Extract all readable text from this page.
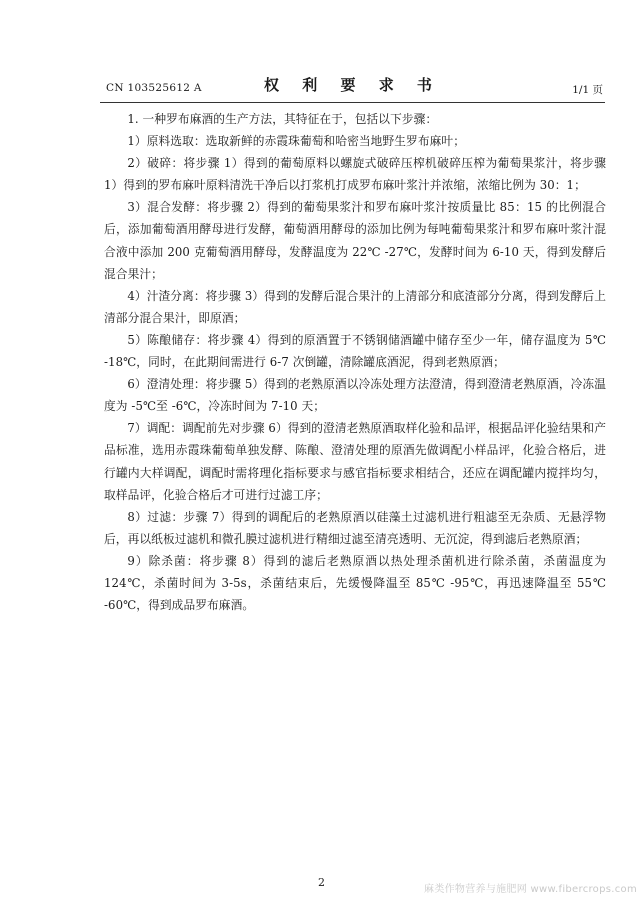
CN 103525612 A	权 利 要 求 书	1/1 页

1. 一种罗布麻酒的生产方法，其特征在于，包括以下步骤：

1）原料选取：选取新鲜的赤霞珠葡萄和哈密当地野生罗布麻叶；

2）破碎：将步骤 1）得到的葡萄原料以螺旋式破碎压榨机破碎压榨为葡萄果浆汁，将步骤 1）得到的罗布麻叶原料清洗干净后以打浆机打成罗布麻叶浆汁并浓缩，浓缩比例为 30：1；

3）混合发酵：将步骤 2）得到的葡萄果浆汁和罗布麻叶浆汁按质量比 85：15 的比例混合后，添加葡萄酒用酵母进行发酵，葡萄酒用酵母的添加比例为每吨葡萄果浆汁和罗布麻叶浆汁混合液中添加 200 克葡萄酒用酵母，发酵温度为 22℃ -27℃，发酵时间为 6-10 天，得到发酵后混合果汁；

4）汁渣分离：将步骤 3）得到的发酵后混合果汁的上清部分和底渣部分分离，得到发酵后上清部分混合果汁，即原酒；

5）陈酿储存：将步骤 4）得到的原酒置于不锈钢储酒罐中储存至少一年，储存温度为 5℃ -18℃，同时，在此期间需进行 6-7 次倒罐，清除罐底酒泥，得到老熟原酒；

6）澄清处理：将步骤 5）得到的老熟原酒以冷冻处理方法澄清，得到澄清老熟原酒，冷冻温度为 -5℃至 -6℃，冷冻时间为 7-10 天；

7）调配：调配前先对步骤 6）得到的澄清老熟原酒取样化验和品评，根据品评化验结果和产品标准，选用赤霞珠葡萄单独发酵、陈酿、澄清处理的原酒先做调配小样品评，化验合格后，进行罐内大样调配，调配时需将理化指标要求与感官指标要求相结合，还应在调配罐内搅拌均匀，取样品评，化验合格后才可进行过滤工序；

8）过滤：步骤 7）得到的调配后的老熟原酒以硅藻土过滤机进行粗滤至无杂质、无悬浮物后，再以纸板过滤机和微孔膜过滤机进行精细过滤至清亮透明、无沉淀，得到滤后老熟原酒；

9）除杀菌：将步骤 8）得到的滤后老熟原酒以热处理杀菌机进行除杀菌，杀菌温度为 124℃，杀菌时间为 3-5s，杀菌结束后，先缓慢降温至 85℃ -95℃，再迅速降温至 55℃ -60℃，得到成品罗布麻酒。

2
麻类作物营养与施肥网 www.fibercrops.com
